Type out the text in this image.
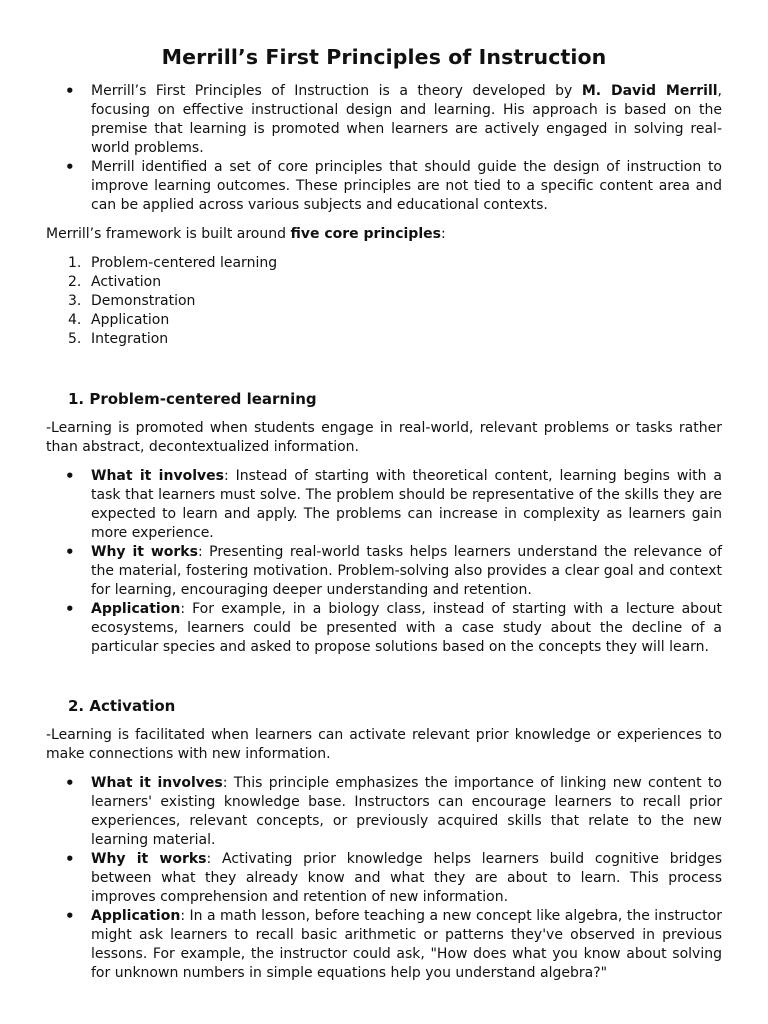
Merrill’s First Principles of Instruction
• Merrill’s First Principles of Instruction is a theory developed by M. David Merrill, focusing on effective instructional design and learning. His approach is based on the premise that learning is promoted when learners are actively engaged in solving real-world problems.
• Merrill identified a set of core principles that should guide the design of instruction to improve learning outcomes. These principles are not tied to a specific content area and can be applied across various subjects and educational contexts.

Merrill’s framework is built around five core principles:

1. Problem-centered learning
2. Activation
3. Demonstration
4. Application
5. Integration
1. Problem-centered learning

-Learning is promoted when students engage in real-world, relevant problems or tasks rather than abstract, decontextualized information.

• What it involves: Instead of starting with theoretical content, learning begins with a task that learners must solve. The problem should be representative of the skills they are expected to learn and apply. The problems can increase in complexity as learners gain more experience.
• Why it works: Presenting real-world tasks helps learners understand the relevance of the material, fostering motivation. Problem-solving also provides a clear goal and context for learning, encouraging deeper understanding and retention.
• Application: For example, in a biology class, instead of starting with a lecture about ecosystems, learners could be presented with a case study about the decline of a particular species and asked to propose solutions based on the concepts they will learn.
2. Activation

-Learning is facilitated when learners can activate relevant prior knowledge or experiences to make connections with new information.

• What it involves: This principle emphasizes the importance of linking new content to learners' existing knowledge base. Instructors can encourage learners to recall prior experiences, relevant concepts, or previously acquired skills that relate to the new learning material.
• Why it works: Activating prior knowledge helps learners build cognitive bridges between what they already know and what they are about to learn. This process improves comprehension and retention of new information.
• Application: In a math lesson, before teaching a new concept like algebra, the instructor might ask learners to recall basic arithmetic or patterns they've observed in previous lessons. For example, the instructor could ask, "How does what you know about solving for unknown numbers in simple equations help you understand algebra?"
